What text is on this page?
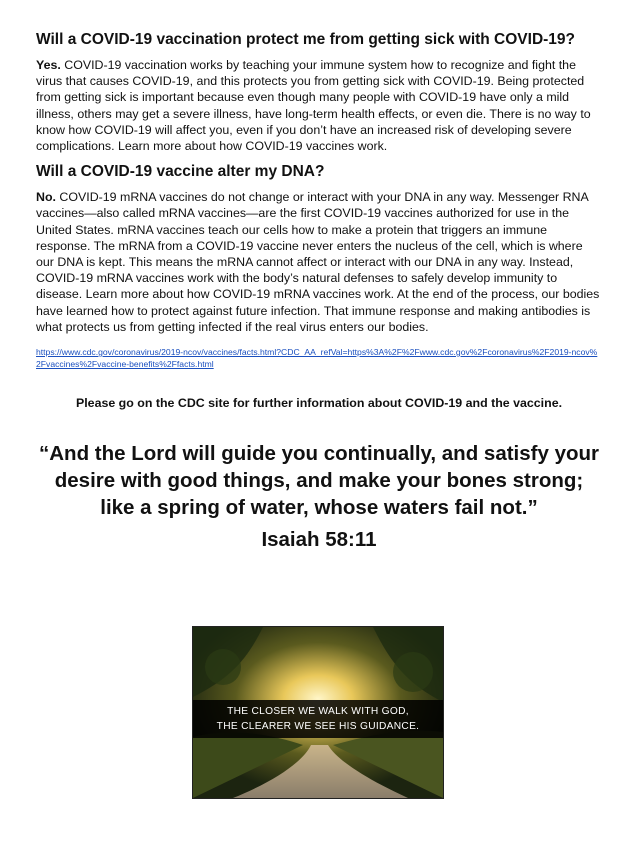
Will a COVID-19 vaccination protect me from getting sick with COVID-19?

Yes. COVID-19 vaccination works by teaching your immune system how to recognize and fight the virus that causes COVID-19, and this protects you from getting sick with COVID-19. Being protected from getting sick is important because even though many people with COVID-19 have only a mild illness, others may get a severe illness, have long-term health effects, or even die. There is no way to know how COVID-19 will affect you, even if you don’t have an increased risk of developing severe complications. Learn more about how COVID-19 vaccines work.

Will a COVID-19 vaccine alter my DNA?

No. COVID-19 mRNA vaccines do not change or interact with your DNA in any way. Messenger RNA vaccines—also called mRNA vaccines—are the first COVID-19 vaccines authorized for use in the United States. mRNA vaccines teach our cells how to make a protein that triggers an immune response. The mRNA from a COVID-19 vaccine never enters the nucleus of the cell, which is where our DNA is kept. This means the mRNA cannot affect or interact with our DNA in any way. Instead, COVID-19 mRNA vaccines work with the body’s natural defenses to safely develop immunity to disease. Learn more about how COVID-19 mRNA vaccines work. At the end of the process, our bodies have learned how to protect against future infection. That immune response and making antibodies is what protects us from getting infected if the real virus enters our bodies.

https://www.cdc.gov/coronavirus/2019-ncov/vaccines/facts.html?CDC_AA_refVal=https%3A%2F%2Fwww.cdc.gov%2Fcoronavirus%2F2019-ncov%2Fvaccines%2Fvaccine-benefits%2Ffacts.html
Please go on the CDC site for further information about COVID-19 and the vaccine.
“And the Lord will guide you continually, and satisfy your desire with good things, and make your bones strong; like a spring of water, whose waters fail not.”
Isaiah 58:11
THE CLOSER WE WALK WITH GOD,
THE CLEARER WE SEE HIS GUIDANCE.
